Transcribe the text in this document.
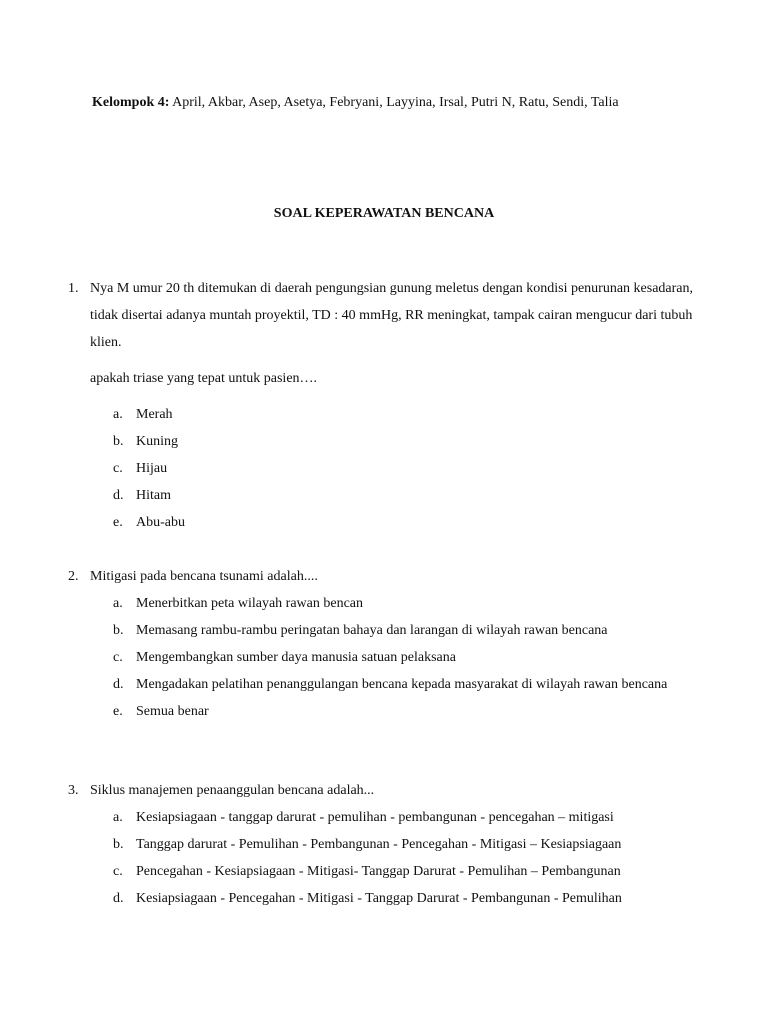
Kelompok 4: April, Akbar, Asep, Asetya, Febryani, Layyina, Irsal, Putri N, Ratu, Sendi, Talia
SOAL KEPERAWATAN BENCANA
1. Nya M umur 20 th ditemukan di daerah pengungsian gunung meletus dengan kondisi penurunan kesadaran, tidak disertai adanya muntah proyektil, TD : 40 mmHg, RR meningkat, tampak cairan mengucur dari tubuh klien.
apakah triase yang tepat untuk pasien….
a. Merah
b. Kuning
c. Hijau
d. Hitam
e. Abu-abu
2. Mitigasi pada bencana tsunami adalah....
a. Menerbitkan peta wilayah rawan bencan
b. Memasang rambu-rambu peringatan bahaya dan larangan di wilayah rawan bencana
c. Mengembangkan sumber daya manusia satuan pelaksana
d. Mengadakan pelatihan penanggulangan bencana kepada masyarakat di wilayah rawan bencana
e. Semua benar
3. Siklus manajemen penaanggulan bencana adalah...
a. Kesiapsiagaan - tanggap darurat - pemulihan - pembangunan - pencegahan – mitigasi
b. Tanggap darurat - Pemulihan - Pembangunan - Pencegahan - Mitigasi – Kesiapsiagaan
c. Pencegahan - Kesiapsiagaan - Mitigasi- Tanggap Darurat - Pemulihan – Pembangunan
d. Kesiapsiagaan - Pencegahan - Mitigasi - Tanggap Darurat - Pembangunan - Pemulihan
